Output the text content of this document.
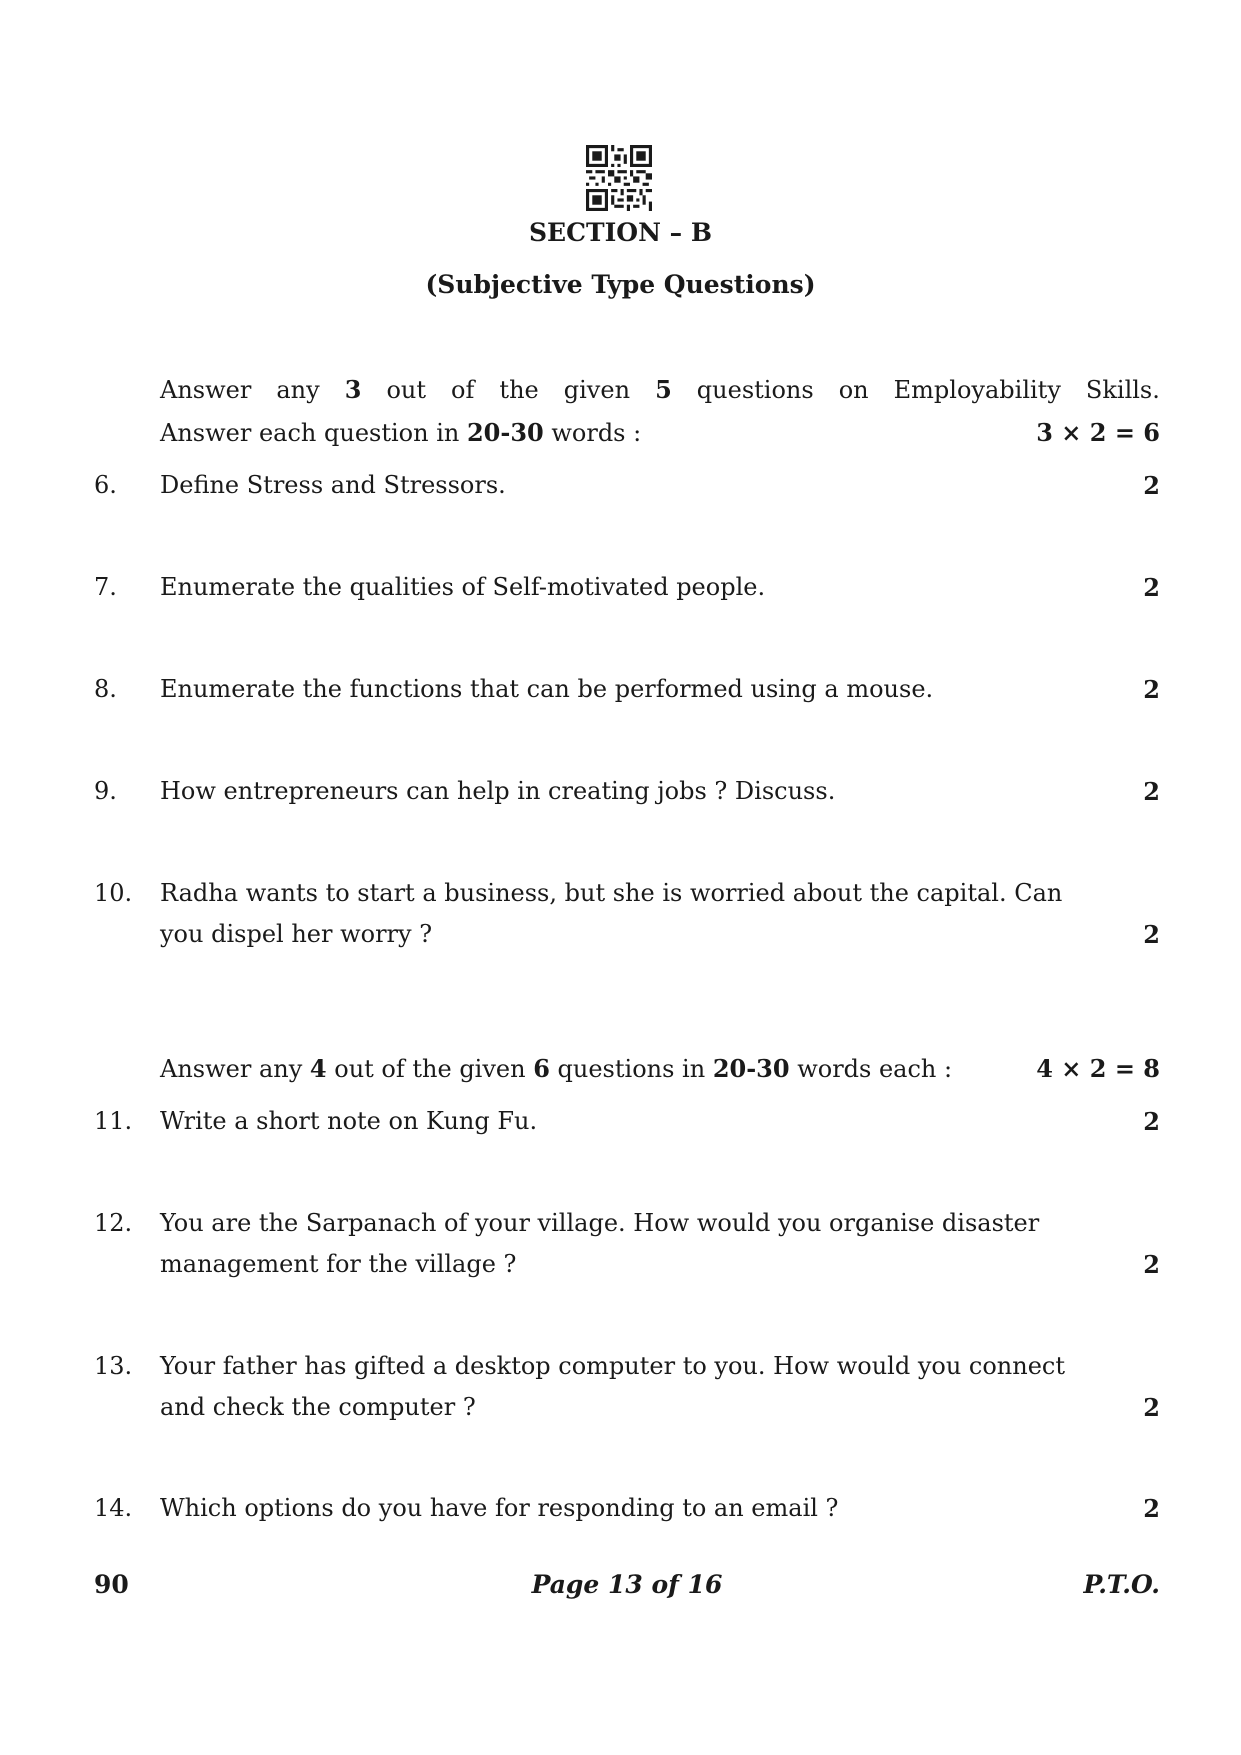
SECTION – B
(Subjective Type Questions)
Answer any 3 out of the given 5 questions on Employability Skills.
Answer each question in 20-30 words :	3 × 2 = 6
6.	Define Stress and Stressors.	2
7.	Enumerate the qualities of Self-motivated people.	2
8.	Enumerate the functions that can be performed using a mouse.	2
9.	How entrepreneurs can help in creating jobs ? Discuss.	2
10.	Radha wants to start a business, but she is worried about the capital. Can
you dispel her worry ?	2
Answer any 4 out of the given 6 questions in 20-30 words each :	4 × 2 = 8
11.	Write a short note on Kung Fu.	2
12.	You are the Sarpanach of your village. How would you organise disaster
management for the village ?	2
13.	Your father has gifted a desktop computer to you. How would you connect
and check the computer ?	2
14.	Which options do you have for responding to an email ?	2
90	Page 13 of 16	P.T.O.
